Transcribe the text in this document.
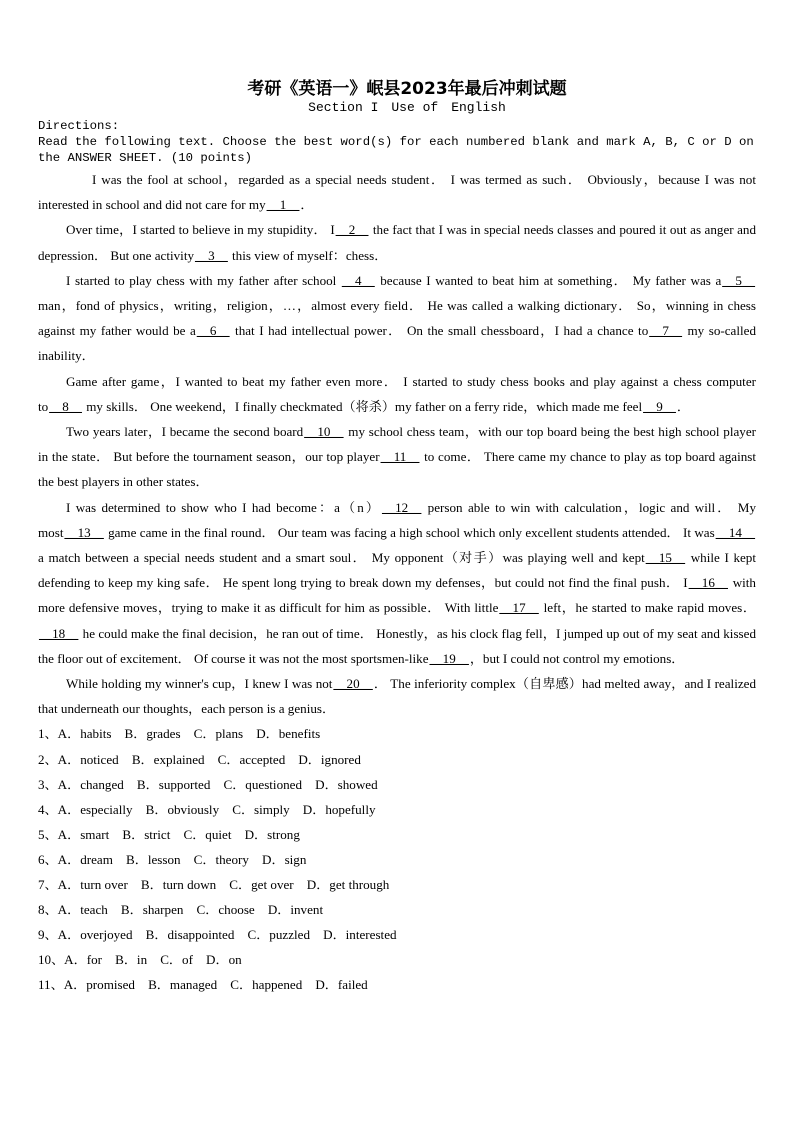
考研《英语一》岷县2023年最后冲刺试题

Section I　Use of　English

Directions:

Read the following text. Choose the best word(s) for each numbered blank and mark A, B, C or D on the ANSWER SHEET. (10 points)

I was the fool at school，regarded as a special needs student． I was termed as such． Obviously，because I was not interested in school and did not care for my__1__．

Over time，I started to believe in my stupidity． I__2__ the fact that I was in special needs classes and poured it out as anger and depression． But one activity__3__ this view of myself：chess．

I started to play chess with my father after school __4__ because I wanted to beat him at something． My father was a__5__ man，fond of physics，writing，religion，…，almost every field． He was called a walking dictionary． So，winning in chess against my father would be a__6__ that I had intellectual power． On the small chessboard，I had a chance to__7__ my so-called inability．

Game after game，I wanted to beat my father even more． I started to study chess books and play against a chess computer to__8__ my skills． One weekend，I finally checkmated（将杀）my father on a ferry ride，which made me feel__9__．

Two years later，I became the second board__10__ my school chess team，with our top board being the best high school player in the state． But before the tournament season，our top player__11__ to come． There came my chance to play as top board against the best players in other states．

I was determined to show who I had become：a（n）__12__ person able to win with calculation，logic and will． My most__13__ game came in the final round． Our team was facing a high school which only excellent students attended． It was__14__ a match between a special needs student and a smart soul． My opponent（对手）was playing well and kept__15__ while I kept defending to keep my king safe． He spent long trying to break down my defenses，but could not find the final push． I__16__ with more defensive moves，trying to make it as difficult for him as possible． With little__17__ left，he started to make rapid moves． __18__ he could make the final decision，he ran out of time． Honestly，as his clock flag fell，I jumped up out of my seat and kissed the floor out of excitement． Of course it was not the most sportsmen-like__19__，but I could not control my emotions．

While holding my winner's cup，I knew I was not__20__． The inferiority complex（自卑感）had melted away，and I realized that underneath our thoughts，each person is a genius．

1、A．habits　B．grades　C．plans　D．benefits

2、A．noticed　B．explained　C．accepted　D．ignored

3、A．changed　B．supported　C．questioned　D．showed

4、A．especially　B．obviously　C．simply　D．hopefully

5、A．smart　B．strict　C．quiet　D．strong

6、A．dream　B．lesson　C．theory　D．sign

7、A．turn over　B．turn down　C．get over　D．get through

8、A．teach　B．sharpen　C．choose　D．invent

9、A．overjoyed　B．disappointed　C．puzzled　D．interested

10、A．for　B．in　C．of　D．on

11、A．promised　B．managed　C．happened　D．failed
